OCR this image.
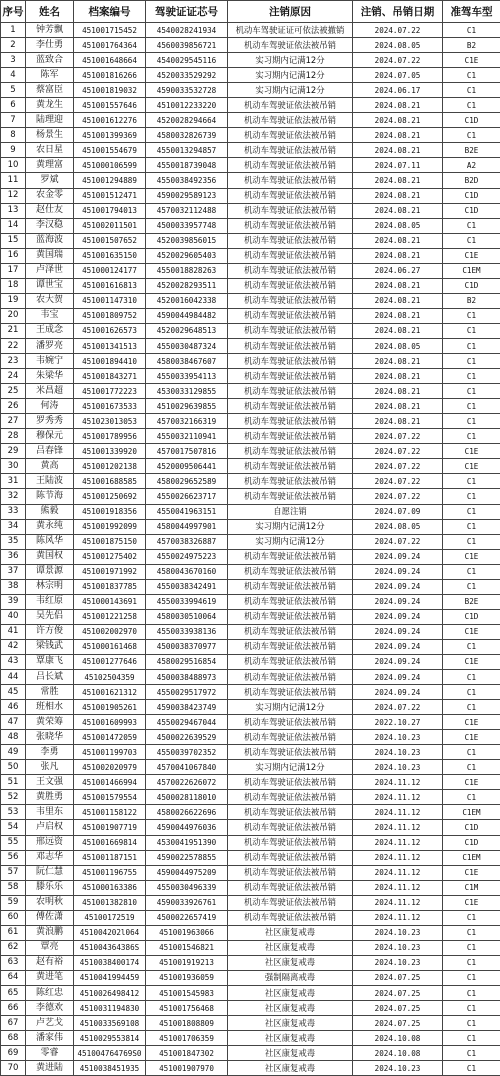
序号	姓名	档案编号	驾驶证证芯号	注销原因	注销、吊销日期	准驾车型
1	钟芳飘	451001715452	4540028241934	机动车驾驶证证可依法被撤销	2024.07.22	C1
2	李仕勇	451001764364	4560039856721	机动车驾驶证依法被吊销	2024.08.05	B2
3	蓝致合	451001648664	4540029545116	实习期内记满12分	2024.07.22	C1E
4	陈军	451001816266	4520033529292	实习期内记满12分	2024.07.05	C1
5	蔡富臣	451001819032	4590033532728	实习期内记满12分	2024.06.17	C1
6	黄龙生	451001557646	4510012233220	机动车驾驶证依法被吊销	2024.08.21	C1
7	陆理迎	451001612276	4520028294664	机动车驾驶证依法被吊销	2024.08.21	C1D
8	杨景生	451001399369	4580032826739	机动车驾驶证依法被吊销	2024.08.21	C1
9	农日星	451001554679	4550013294857	机动车驾驶证依法被吊销	2024.08.21	B2E
10	黄理富	451000106599	4550018739048	机动车驾驶证依法被吊销	2024.07.11	A2
11	罗斌	451001294889	4550038492356	机动车驾驶证依法被吊销	2024.08.21	B2D
12	农金零	451001512471	4590029589123	机动车驾驶证依法被吊销	2024.08.21	C1D
13	赵仕友	451001794013	4570032112488	机动车驾驶证依法被吊销	2024.08.21	C1D
14	李汉稳	451002011501	4500033957748	机动车驾驶证依法被吊销	2024.08.05	C1
15	蓝海波	451001507652	4520039856015	机动车驾驶证依法被吊销	2024.08.21	C1
16	黄国瑞	451001635150	4520029605403	机动车驾驶证依法被吊销	2024.08.21	C1E
17	卢泽世	451000124177	4550018828263	机动车驾驶证依法被吊销	2024.06.27	C1EM
18	谭世宝	451001616813	4520028293511	机动车驾驶证依法被吊销	2024.08.21	C1D
19	农大贺	451001147310	4520016042338	机动车驾驶证依法被吊销	2024.08.21	B2
20	韦宝	451001809752	4590044984482	机动车驾驶证依法被吊销	2024.08.21	C1
21	王成念	451001626573	4520029648513	机动车驾驶证依法被吊销	2024.08.21	C1
22	潘罗亮	451001341513	4550030487324	机动车驾驶证依法被吊销	2024.08.05	C1
23	韦婉宁	451001894410	4580038467607	机动车驾驶证依法被吊销	2024.08.21	C1
24	朱梁华	451001843271	4550033954113	机动车驾驶证依法被吊销	2024.08.21	C1
25	米昌超	451001772223	4530033129855	机动车驾驶证依法被吊销	2024.08.21	C1
26	何涛	451001673533	4510029639855	机动车驾驶证依法被吊销	2024.08.21	C1
27	罗秀秀	451023013053	4570032166319	机动车驾驶证依法被吊销	2024.08.21	C1
28	穆保元	451001789956	4550032110941	机动车驾驶证依法被吊销	2024.07.22	C1
29	吕春锋	451001339920	4570017507816	机动车驾驶证依法被吊销	2024.07.22	C1E
30	黄高	451001202138	4520009506441	机动车驾驶证依法被吊销	2024.07.22	C1E
31	王陆波	451001688585	4580029652589	机动车驾驶证依法被吊销	2024.07.22	C1
32	陈节海	451001250692	4550026623717	机动车驾驶证依法被吊销	2024.07.22	C1
33	熊毅	451001918356	4550041963151	自愿注销	2024.07.09	C1
34	黄永纯	451001992099	4580044997901	实习期内记满12分	2024.08.05	C1
35	陈风华	451001875150	4570038326887	实习期内记满12分	2024.07.22	C1
36	黄国权	451001275402	4550024975223	机动车驾驶证依法被吊销	2024.09.24	C1E
37	谭景源	451001971992	4580043670160	机动车驾驶证依法被吊销	2024.09.24	C1
38	林宗明	451001837785	4550038342491	机动车驾驶证依法被吊销	2024.09.24	C1
39	韦红原	451000143691	4550033994619	机动车驾驶证依法被吊销	2024.09.24	B2E
40	吴先侣	451001221258	4580030510064	机动车驾驶证依法被吊销	2024.09.24	C1D
41	许方俊	451002002970	4550033938136	机动车驾驶证依法被吊销	2024.09.24	C1E
42	梁钱武	451000161468	4500038370977	机动车驾驶证依法被吊销	2024.09.24	C1
43	覃康飞	451001277646	4580029516854	机动车驾驶证依法被吊销	2024.09.24	C1E
44	吕长斌	45102504359	4500038488973	机动车驾驶证依法被吊销	2024.09.24	C1
45	常胜	451001621312	4550029517972	机动车驾驶证依法被吊销	2024.09.24	C1
46	班相水	451001905261	4590038423749	实习期内记满12分	2024.07.22	C1
47	黄荣筹	451001609993	4550029467044	机动车驾驶证依法被吊销	2022.10.27	C1E
48	张晓华	451001472059	4500022639529	机动车驾驶证依法被吊销	2024.10.23	C1E
49	李勇	451001199703	4550039702352	机动车驾驶证依法被吊销	2024.10.23	C1
50	张凡	451002020979	4570041067840	实习期内记满12分	2024.10.23	C1
51	王文强	451001466994	4570022626072	机动车驾驶证依法被吊销	2024.11.12	C1E
52	黄胜勇	451001579554	4500028118010	机动车驾驶证依法被吊销	2024.11.12	C1
53	韦里东	451001158122	4580026622696	机动车驾驶证依法被吊销	2024.11.12	C1EM
54	卢启权	451001907719	4590044976036	机动车驾驶证依法被吊销	2024.11.12	C1D
55	邢远资	451001669814	4530041951390	机动车驾驶证依法被吊销	2024.11.12	C1D
56	邓志华	451001187151	4590022578855	机动车驾驶证依法被吊销	2024.11.12	C1EM
57	阮仁慧	451001196755	4590044975209	机动车驾驶证依法被吊销	2024.11.12	C1E
58	滕乐乐	451000163386	4550030496339	机动车驾驶证依法被吊销	2024.11.12	C1M
59	农明秋	451001382810	4590033926761	机动车驾驶证依法被吊销	2024.11.12	C1E
60	傅佐潇	45100172519	4500022657419	机动车驾驶证依法被吊销	2024.11.12	C1
61	黄浪鹏	451004202l064	451001963066	社区康复戒毒	2024.10.23	C1
62	覃亮	451004364386S	451001546821	社区康复戒毒	2024.10.23	C1
63	赵有裕	4510038400174	451001919213	社区康复戒毒	2024.10.23	C1
64	黄进笔	4510041994459	451001936059	强制隔离戒毒	2024.07.25	C1
65	陈红忠	4510026498412	451001545983	社区康复戒毒	2024.07.25	C1
66	李德欢	4510031194830	451001756468	社区康复戒毒	2024.07.25	C1
67	卢艺戈	4510033569108	451001808809	社区康复戒毒	2024.07.25	C1
68	潘家伟	4510029553814	451001706359	社区康复戒毒	2024.10.08	C1
69	零睿	451004764769S0	451001847302	社区康复戒毒	2024.10.08	C1
70	黄进陆	4510038451935	451001907970	社区康复戒毒	2024.10.23	C1
